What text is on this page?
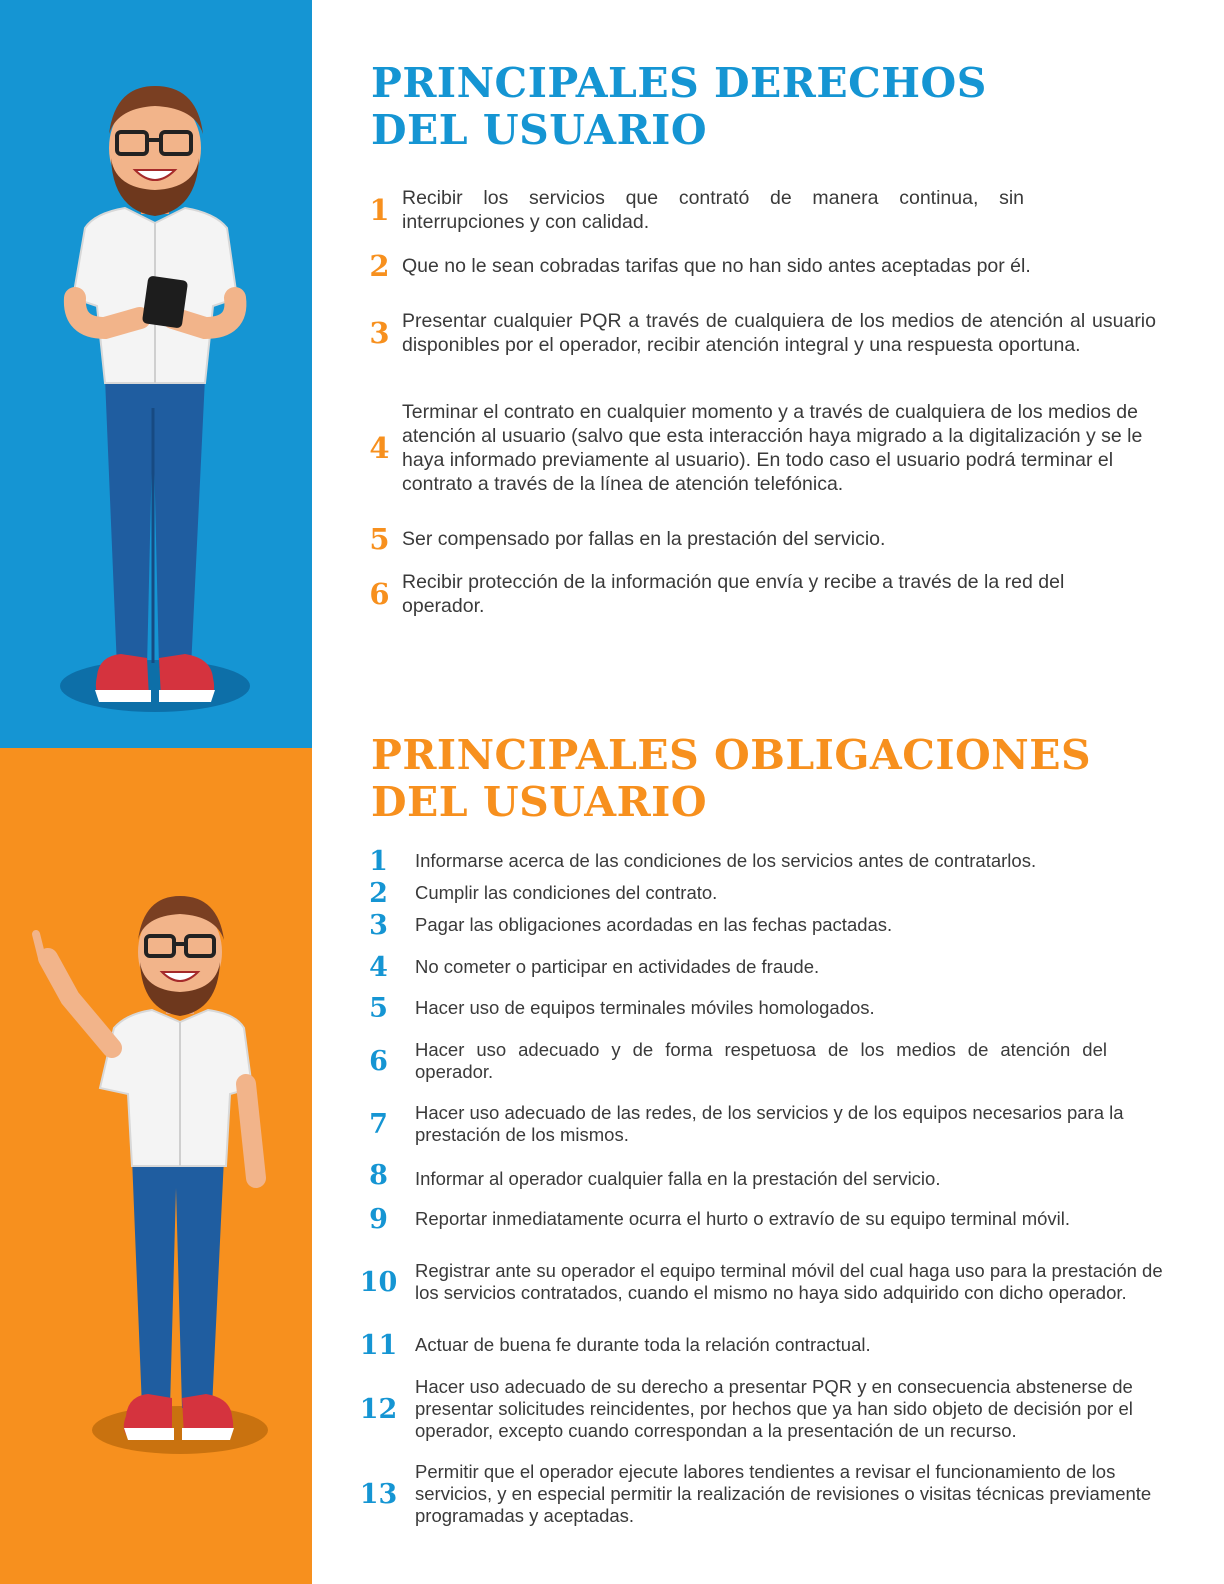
PRINCIPALES DERECHOS
DEL USUARIO
1 Recibir los servicios que contrató de manera continua, sin interrupciones y con calidad.
2 Que no le sean cobradas tarifas que no han sido antes aceptadas por él.
3 Presentar cualquier PQR a través de cualquiera de los medios de atención al usuario disponibles por el operador, recibir atención integral y una respuesta oportuna.
4
Terminar el contrato en cualquier momento y a través de cualquiera de los medios de atención al usuario (salvo que esta interacción haya migrado a la digitalización y se le haya informado previamente al usuario). En todo caso el usuario podrá terminar el contrato a través de la línea de atención telefónica.
5 Ser compensado por fallas en la prestación del servicio.
6 Recibir protección de la información que envía y recibe a través de la red del operador.
PRINCIPALES OBLIGACIONES
DEL USUARIO
1	Informarse acerca de las condiciones de los servicios antes de contratarlos.
2	Cumplir las condiciones del contrato.
3	Pagar las obligaciones acordadas en las fechas pactadas.
4	No cometer o participar en actividades de fraude.
5	Hacer uso de equipos terminales móviles homologados.
6	Hacer uso adecuado y de forma respetuosa de los medios de atención del operador.
7	Hacer uso adecuado de las redes, de los servicios y de los equipos necesarios para la prestación de los mismos.
8	Informar al operador cualquier falla en la prestación del servicio.
9	Reportar inmediatamente ocurra el hurto o extravío de su equipo terminal móvil.
10 Registrar ante su operador el equipo terminal móvil del cual haga uso para la prestación de los servicios contratados, cuando el mismo no haya sido adquirido con dicho operador.
11 Actuar de buena fe durante toda la relación contractual.
12
Hacer uso adecuado de su derecho a presentar PQR y en consecuencia abstenerse de presentar solicitudes reincidentes, por hechos que ya han sido objeto de decisión por el operador, excepto cuando correspondan a la presentación de un recurso.
13
Permitir que el operador ejecute labores tendientes a revisar el funcionamiento de los servicios, y en especial permitir la realización de revisiones o visitas técnicas previamente programadas y aceptadas.
